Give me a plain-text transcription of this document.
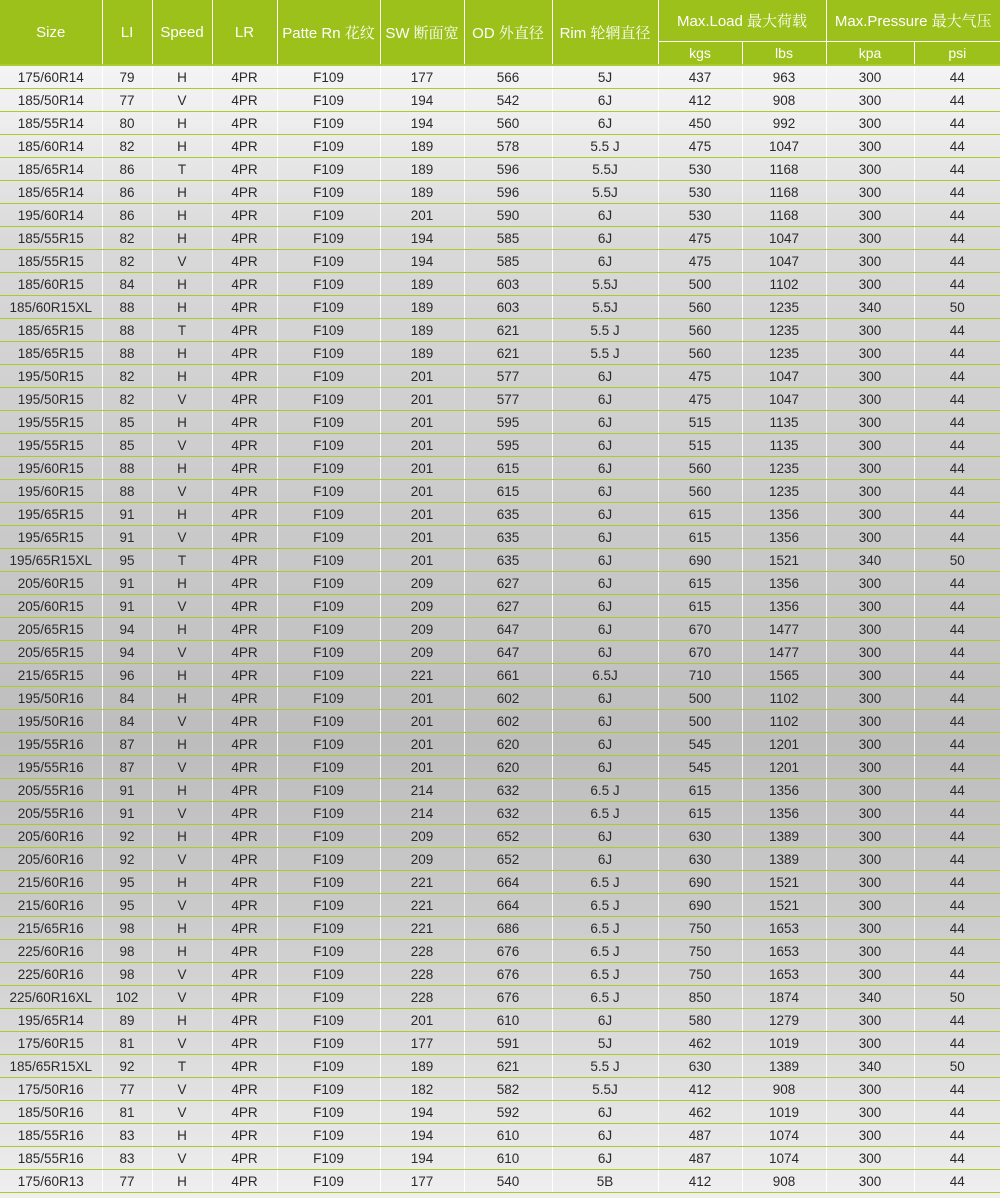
Size	LI	Speed	LR	Patte Rn 花纹	SW 断面宽	OD 外直径	Rim 轮辋直径	Max.Load 最大荷载		Max.Pressure 最大气压	
								kgs	lbs	kpa	psi
175/60R14	79	H	4PR	F109	177	566	5J	437	963	300	44
185/50R14	77	V	4PR	F109	194	542	6J	412	908	300	44
185/55R14	80	H	4PR	F109	194	560	6J	450	992	300	44
185/60R14	82	H	4PR	F109	189	578	5.5 J	475	1047	300	44
185/65R14	86	T	4PR	F109	189	596	5.5J	530	1168	300	44
185/65R14	86	H	4PR	F109	189	596	5.5J	530	1168	300	44
195/60R14	86	H	4PR	F109	201	590	6J	530	1168	300	44
185/55R15	82	H	4PR	F109	194	585	6J	475	1047	300	44
185/55R15	82	V	4PR	F109	194	585	6J	475	1047	300	44
185/60R15	84	H	4PR	F109	189	603	5.5J	500	1102	300	44
185/60R15XL	88	H	4PR	F109	189	603	5.5J	560	1235	340	50
185/65R15	88	T	4PR	F109	189	621	5.5 J	560	1235	300	44
185/65R15	88	H	4PR	F109	189	621	5.5 J	560	1235	300	44
195/50R15	82	H	4PR	F109	201	577	6J	475	1047	300	44
195/50R15	82	V	4PR	F109	201	577	6J	475	1047	300	44
195/55R15	85	H	4PR	F109	201	595	6J	515	1135	300	44
195/55R15	85	V	4PR	F109	201	595	6J	515	1135	300	44
195/60R15	88	H	4PR	F109	201	615	6J	560	1235	300	44
195/60R15	88	V	4PR	F109	201	615	6J	560	1235	300	44
195/65R15	91	H	4PR	F109	201	635	6J	615	1356	300	44
195/65R15	91	V	4PR	F109	201	635	6J	615	1356	300	44
195/65R15XL	95	T	4PR	F109	201	635	6J	690	1521	340	50
205/60R15	91	H	4PR	F109	209	627	6J	615	1356	300	44
205/60R15	91	V	4PR	F109	209	627	6J	615	1356	300	44
205/65R15	94	H	4PR	F109	209	647	6J	670	1477	300	44
205/65R15	94	V	4PR	F109	209	647	6J	670	1477	300	44
215/65R15	96	H	4PR	F109	221	661	6.5J	710	1565	300	44
195/50R16	84	H	4PR	F109	201	602	6J	500	1102	300	44
195/50R16	84	V	4PR	F109	201	602	6J	500	1102	300	44
195/55R16	87	H	4PR	F109	201	620	6J	545	1201	300	44
195/55R16	87	V	4PR	F109	201	620	6J	545	1201	300	44
205/55R16	91	H	4PR	F109	214	632	6.5 J	615	1356	300	44
205/55R16	91	V	4PR	F109	214	632	6.5 J	615	1356	300	44
205/60R16	92	H	4PR	F109	209	652	6J	630	1389	300	44
205/60R16	92	V	4PR	F109	209	652	6J	630	1389	300	44
215/60R16	95	H	4PR	F109	221	664	6.5 J	690	1521	300	44
215/60R16	95	V	4PR	F109	221	664	6.5 J	690	1521	300	44
215/65R16	98	H	4PR	F109	221	686	6.5 J	750	1653	300	44
225/60R16	98	H	4PR	F109	228	676	6.5 J	750	1653	300	44
225/60R16	98	V	4PR	F109	228	676	6.5 J	750	1653	300	44
225/60R16XL	102	V	4PR	F109	228	676	6.5 J	850	1874	340	50
195/65R14	89	H	4PR	F109	201	610	6J	580	1279	300	44
175/60R15	81	V	4PR	F109	177	591	5J	462	1019	300	44
185/65R15XL	92	T	4PR	F109	189	621	5.5 J	630	1389	340	50
175/50R16	77	V	4PR	F109	182	582	5.5J	412	908	300	44
185/50R16	81	V	4PR	F109	194	592	6J	462	1019	300	44
185/55R16	83	H	4PR	F109	194	610	6J	487	1074	300	44
185/55R16	83	V	4PR	F109	194	610	6J	487	1074	300	44
175/60R13	77	H	4PR	F109	177	540	5B	412	908	300	44
